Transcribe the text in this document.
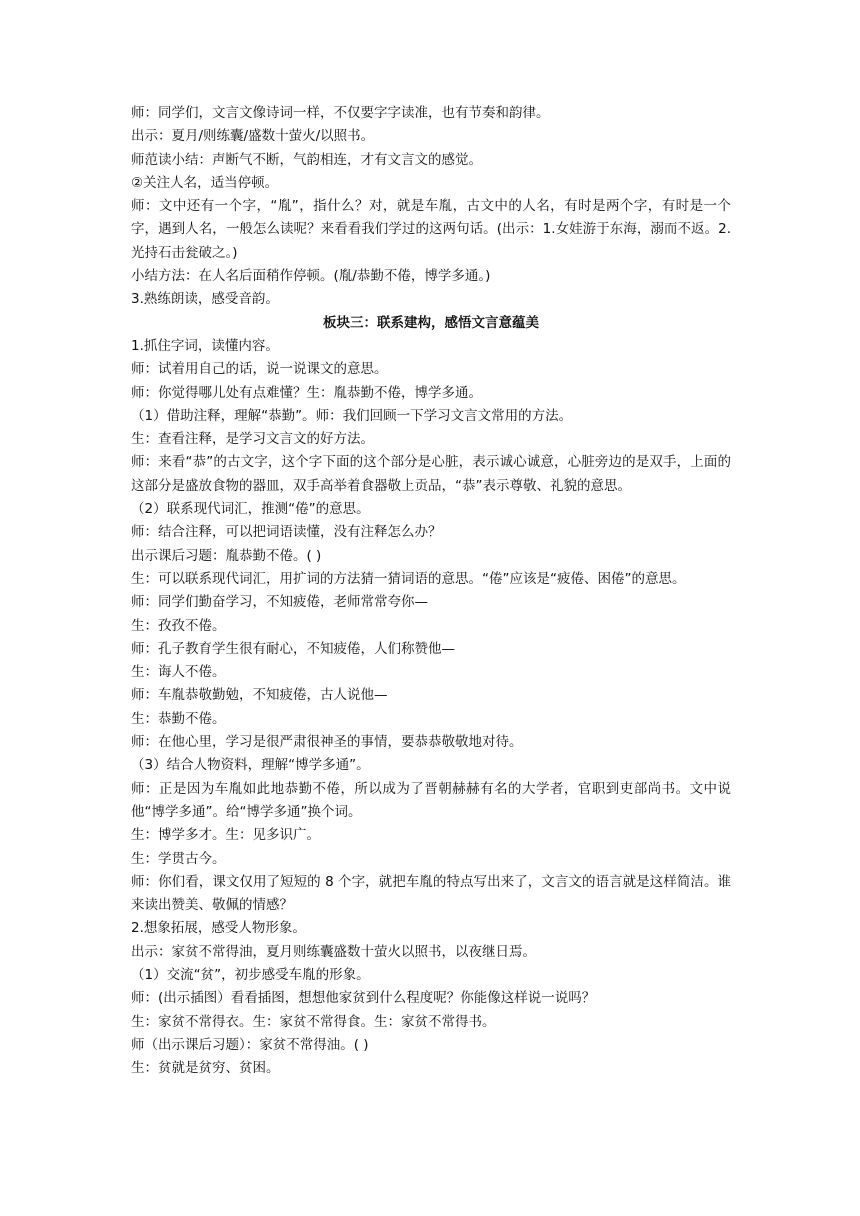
师：同学们，文言文像诗词一样，不仅要字字读准，也有节奏和韵律。

出示：夏月/则练囊/盛数十萤火/以照书。

师范读小结：声断气不断，气韵相连，才有文言文的感觉。

②关注人名，适当停顿。

师：文中还有一个字，“胤”，指什么？对，就是车胤，古文中的人名，有时是两个字，有时是一个字，遇到人名，一般怎么读呢？来看看我们学过的这两句话。(出示：1.女娃游于东海，溺而不返。2.光持石击瓮破之。)

小结方法：在人名后面稍作停顿。(胤/恭勤不倦，博学多通。)

3.熟练朗读，感受音韵。

板块三：联系建构，感悟文言意蕴美

1.抓住字词，读懂内容。

师：试着用自己的话，说一说课文的意思。

师：你觉得哪儿处有点难懂？生：胤恭勤不倦，博学多通。

（1）借助注释，理解“恭勤”。师：我们回顾一下学习文言文常用的方法。

生：查看注释，是学习文言文的好方法。

师：来看“恭”的古文字，这个字下面的这个部分是心脏，表示诚心诚意，心脏旁边的是双手，上面的这部分是盛放食物的器皿，双手高举着食器敬上贡品，“恭”表示尊敬、礼貌的意思。

（2）联系现代词汇，推测“倦”的意思。

师：结合注释，可以把词语读懂，没有注释怎么办？

出示课后习题：胤恭勤不倦。( )

生：可以联系现代词汇，用扩词的方法猜一猜词语的意思。“倦”应该是“疲倦、困倦”的意思。

师：同学们勤奋学习，不知疲倦，老师常常夸你—

生：孜孜不倦。

师：孔子教育学生很有耐心，不知疲倦，人们称赞他—

生：诲人不倦。

师：车胤恭敬勤勉，不知疲倦，古人说他—

生：恭勤不倦。

师：在他心里，学习是很严肃很神圣的事情，要恭恭敬敬地对待。

（3）结合人物资料，理解“博学多通”。

师：正是因为车胤如此地恭勤不倦，所以成为了晋朝赫赫有名的大学者，官职到吏部尚书。文中说他“博学多通”。给“博学多通”换个词。

生：博学多才。生：见多识广。

生：学贯古今。

师：你们看，课文仅用了短短的 8 个字，就把车胤的特点写出来了，文言文的语言就是这样简洁。谁来读出赞美、敬佩的情感？

2.想象拓展，感受人物形象。

出示：家贫不常得油，夏月则练囊盛数十萤火以照书，以夜继日焉。

（1）交流“贫”，初步感受车胤的形象。

师：(出示插图）看看插图，想想他家贫到什么程度呢？你能像这样说一说吗？

生：家贫不常得衣。生：家贫不常得食。生：家贫不常得书。

师（出示课后习题）：家贫不常得油。( )

生：贫就是贫穷、贫困。
